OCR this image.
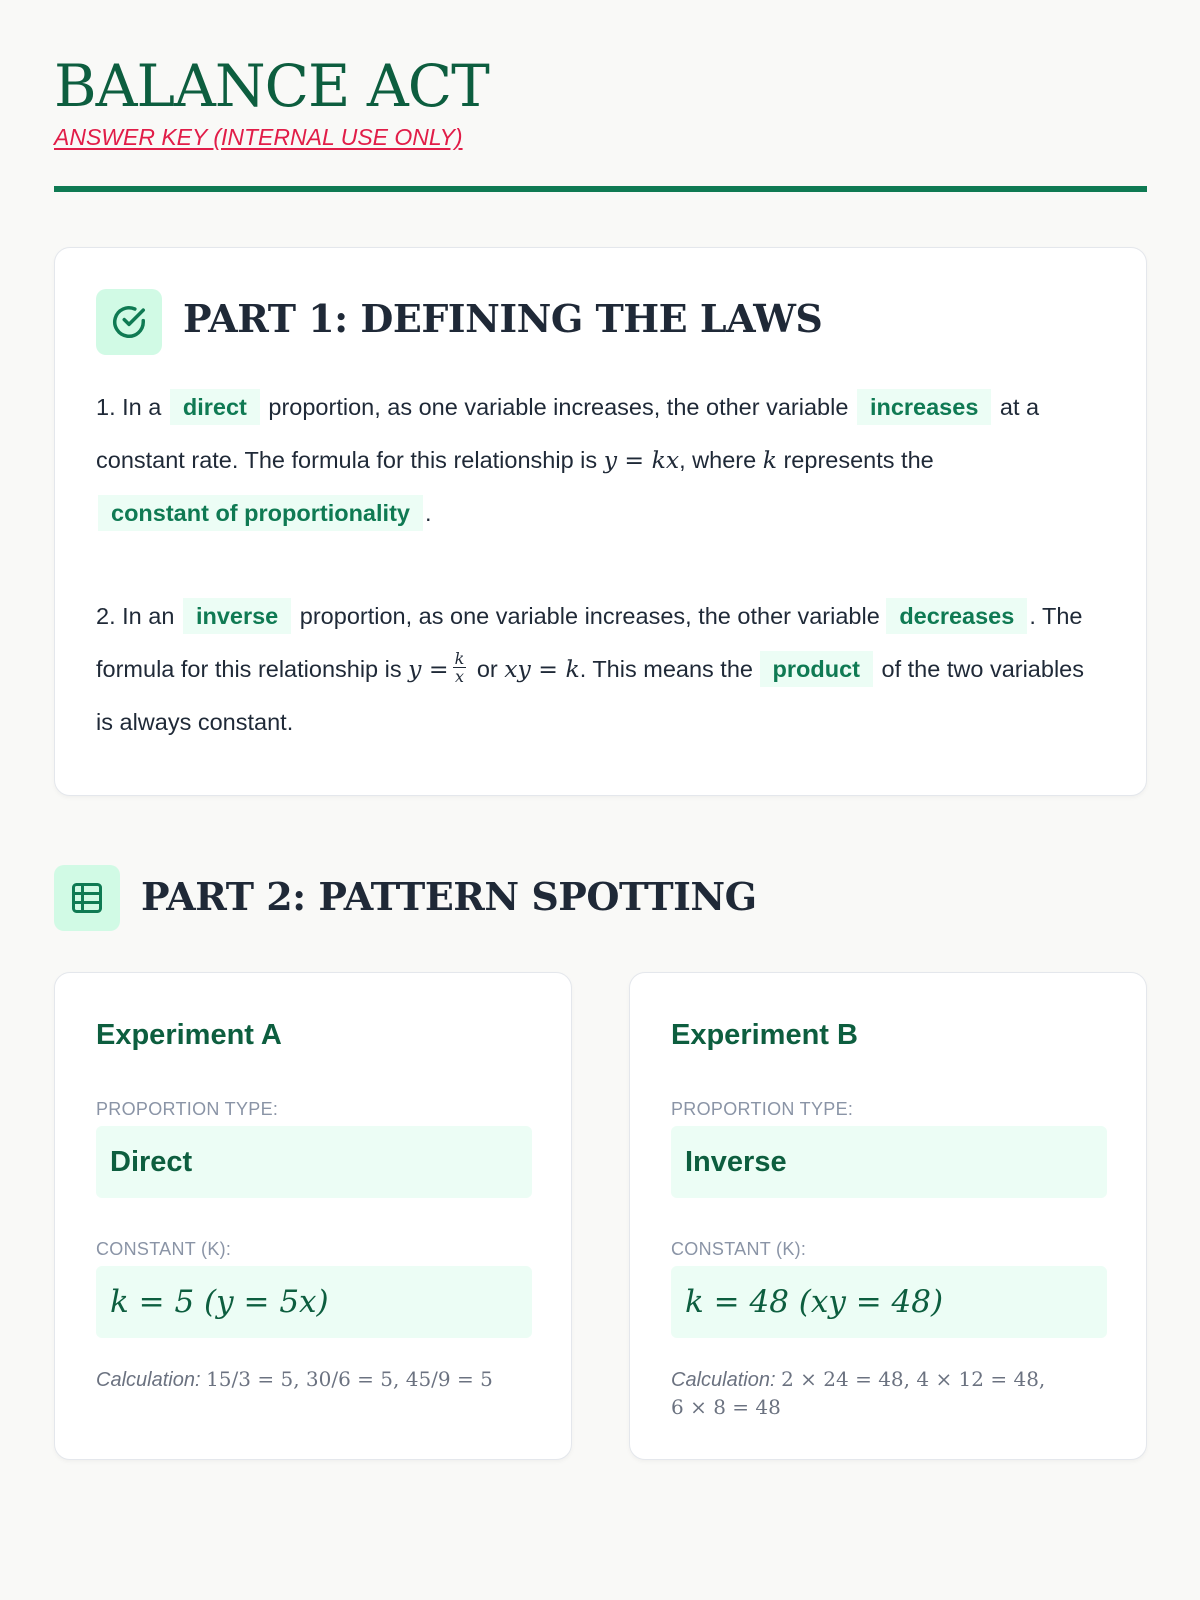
BALANCE ACT
ANSWER KEY (INTERNAL USE ONLY)
PART 1: DEFINING THE LAWS

1. In a direct proportion, as one variable increases, the other variable increases at a constant rate. The formula for this relationship is y = kx, where k represents the constant of proportionality .

2. In an inverse proportion, as one variable increases, the other variable decreases . The formula for this relationship is $y = \frac{k}{x}$ or xy = k. This means the product of the two variables is always constant.

PART 2: PATTERN SPOTTING
Experiment A
PROPORTION TYPE:
Direct
CONSTANT (K):
k = 5 (y = 5x)
Calculation: 15/3 = 5, 30/6 = 5, 45/9 = 5
Experiment B
PROPORTION TYPE:
Inverse
CONSTANT (K):
k = 48 (xy = 48)
Calculation: 2 × 24 = 48, 4 × 12 = 48, 6 × 8 = 48
